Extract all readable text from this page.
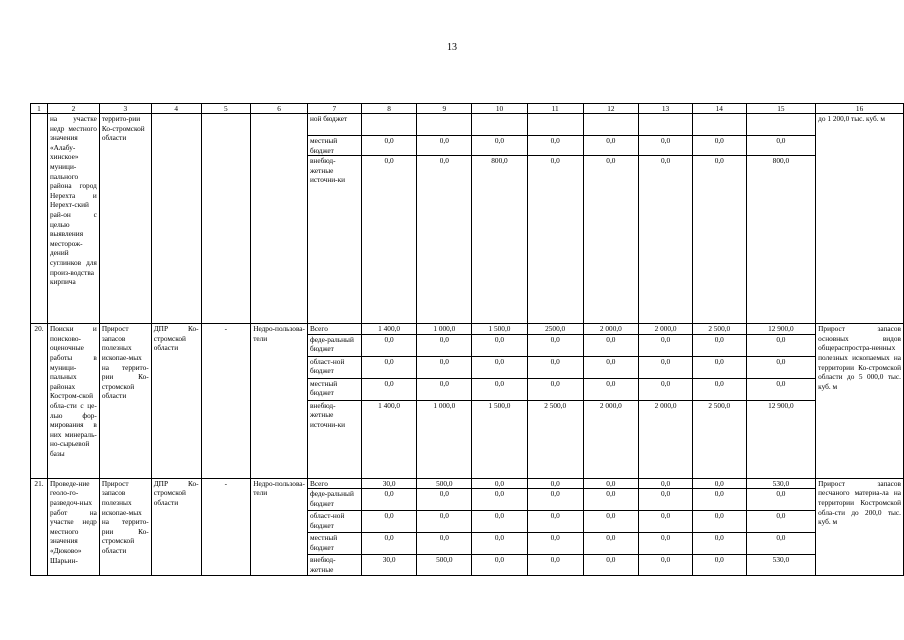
13
1	2	3	4	5	6	7	8	9	10	11	12	13	14	15	16
	на участке недр местного значения «Алабу-хинское» муници-пального района город Нерехта и Нерехт-ский рай-он с целью выявления месторож-дений суглинков для произ-водства кирпича	террито-рии Ко-стромской области				ной бюджет									до 1 200,0 тыс. куб. м
						местный бюджет	0,0	0,0	0,0	0,0	0,0	0,0	0,0	0,0	
						внебюд-жетные источни-ки	0,0	0,0	800,0	0,0	0,0	0,0	0,0	800,0	
20.	Поиски и поисково-оценочные работы в муници-пальных районах Костром-ской обла-сти с це-лью фор-мирования в них минераль-но-сырьевой базы	Прирост запасов полезных ископае-мых на террито-рии Ко-стромской области	ДПР Ко-стромской области	-	Недро-пользова-тели	Всего	1 400,0	1 000,0	1 500,0	2500,0	2 000,0	2 000,0	2 500,0	12 900,0	Прирост запасов основных видов общераспростра-ненных полезных ископаемых на территории Ко-стромской области до 5 000,0 тыс. куб. м
						феде-ральный бюджет	0,0	0,0	0,0	0,0	0,0	0,0	0,0	0,0	
						област-ной бюджет	0,0	0,0	0,0	0,0	0,0	0,0	0,0	0,0	
						местный бюджет	0,0	0,0	0,0	0,0	0,0	0,0	0,0	0,0	
						внебюд-жетные источни-ки	1 400,0	1 000,0	1 500,0	2 500,0	2 000,0	2 000,0	2 500,0	12 900,0	
21.	Проведе-ние геоло-го-разведоч-ных работ на участке недр местного значения «Дюково» Шарьин-	Прирост запасов полезных ископае-мых на террито-рии Ко-стромской области	ДПР Ко-стромской области	-	Недро-пользова-тели	Всего	30,0	500,0	0,0	0,0	0,0	0,0	0,0	530,0	Прирост запасов песчаного материа-ла на территории Костромской обла-сти до 200,0 тыс. куб. м
						феде-ральный бюджет	0,0	0,0	0,0	0,0	0,0	0,0	0,0	0,0	
						област-ной бюджет	0,0	0,0	0,0	0,0	0,0	0,0	0,0	0,0	
						местный бюджет	0,0	0,0	0,0	0,0	0,0	0,0	0,0	0,0	
						внебюд-жетные	30,0	500,0	0,0	0,0	0,0	0,0	0,0	530,0	
